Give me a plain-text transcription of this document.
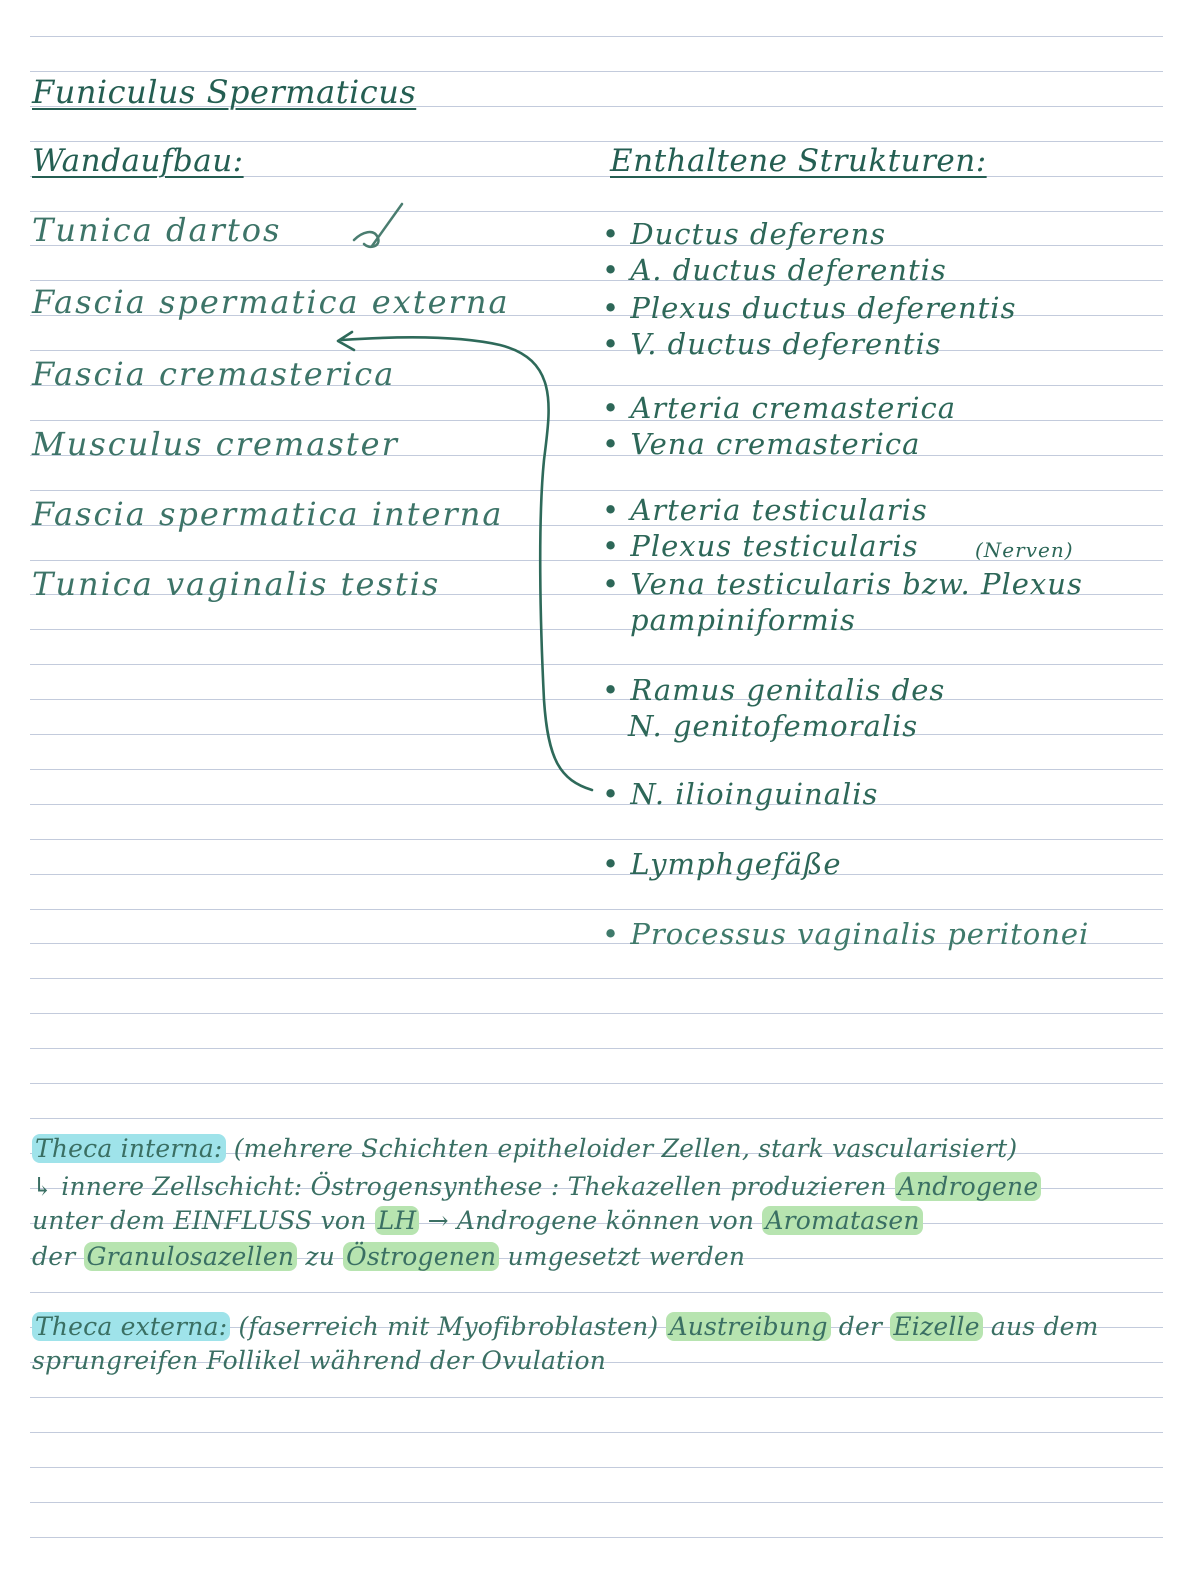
Funiculus Spermaticus
Wandaufbau:
Tunica dartos
Fascia spermatica externa
Fascia cremasterica
Musculus cremaster
Fascia spermatica interna
Tunica vaginalis testis
Enthaltene Strukturen:
• Ductus deferens
• A. ductus deferentis
• Plexus ductus deferentis
• V. ductus deferentis
• Arteria cremasterica
• Vena cremasterica
• Arteria testicularis
• Plexus testicularis	(Nerven)
• Vena testicularis bzw. Plexus
pampiniformis
• Ramus genitalis des
N. genitofemoralis
• N. ilioinguinalis
• Lymphgefäße
• Processus vaginalis peritonei
Theca interna: (mehrere Schichten epitheloider Zellen, stark vascularisiert)
↳ innere Zellschicht: Östrogensynthese : Thekazellen produzieren Androgene
unter dem EINFLUSS von LH → Androgene können von Aromatasen
der Granulosazellen zu Östrogenen umgesetzt werden
Theca externa: (faserreich mit Myofibroblasten) Austreibung der Eizelle aus dem
sprungreifen Follikel während der Ovulation
